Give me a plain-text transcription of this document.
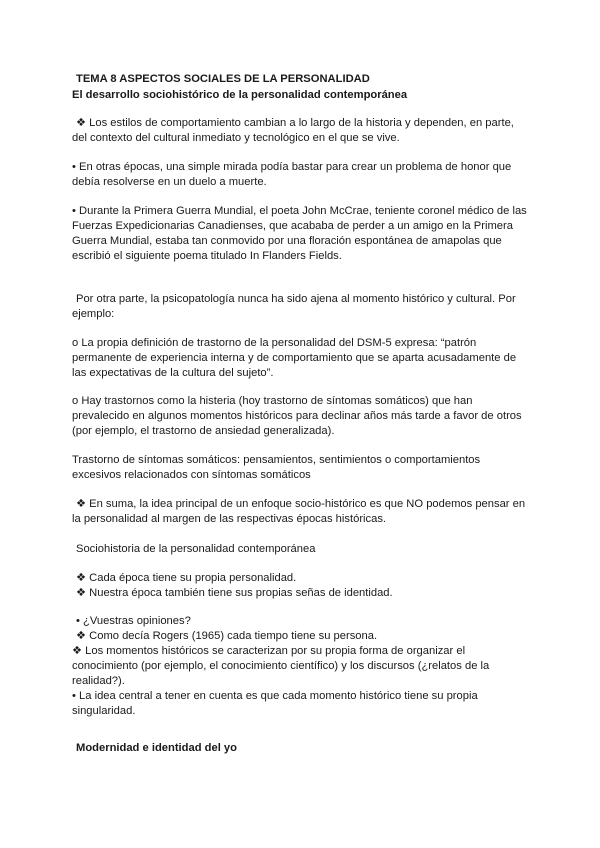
TEMA 8 ASPECTOS SOCIALES DE LA PERSONALIDAD
El desarrollo sociohistórico de la personalidad contemporánea
❖ Los estilos de comportamiento cambian a lo largo de la historia y dependen, en parte,
del contexto del cultural inmediato y tecnológico en el que se vive.
• En otras épocas, una simple mirada podía bastar para crear un problema de honor que
debía resolverse en un duelo a muerte.
• Durante la Primera Guerra Mundial, el poeta John McCrae, teniente coronel médico de las
Fuerzas Expedicionarias Canadienses, que acababa de perder a un amigo en la Primera
Guerra Mundial, estaba tan conmovido por una floración espontánea de amapolas que
escribió el siguiente poema titulado In Flanders Fields.
Por otra parte, la psicopatología nunca ha sido ajena al momento histórico y cultural. Por
ejemplo:
o La propia definición de trastorno de la personalidad del DSM-5 expresa: “patrón
permanente de experiencia interna y de comportamiento que se aparta acusadamente de
las expectativas de la cultura del sujeto”.
o Hay trastornos como la histeria (hoy trastorno de síntomas somáticos) que han
prevalecido en algunos momentos históricos para declinar años más tarde a favor de otros
(por ejemplo, el trastorno de ansiedad generalizada).
Trastorno de síntomas somáticos: pensamientos, sentimientos o comportamientos
excesivos relacionados con síntomas somáticos
❖ En suma, la idea principal de un enfoque socio-histórico es que NO podemos pensar en
la personalidad al margen de las respectivas épocas históricas.
Sociohistoria de la personalidad contemporánea
❖ Cada época tiene su propia personalidad.
❖ Nuestra época también tiene sus propias señas de identidad.
• ¿Vuestras opiniones?
❖ Como decía Rogers (1965) cada tiempo tiene su persona.
❖ Los momentos históricos se caracterizan por su propia forma de organizar el
conocimiento (por ejemplo, el conocimiento científico) y los discursos (¿relatos de la
realidad?).
• La idea central a tener en cuenta es que cada momento histórico tiene su propia
singularidad.
Modernidad e identidad del yo
